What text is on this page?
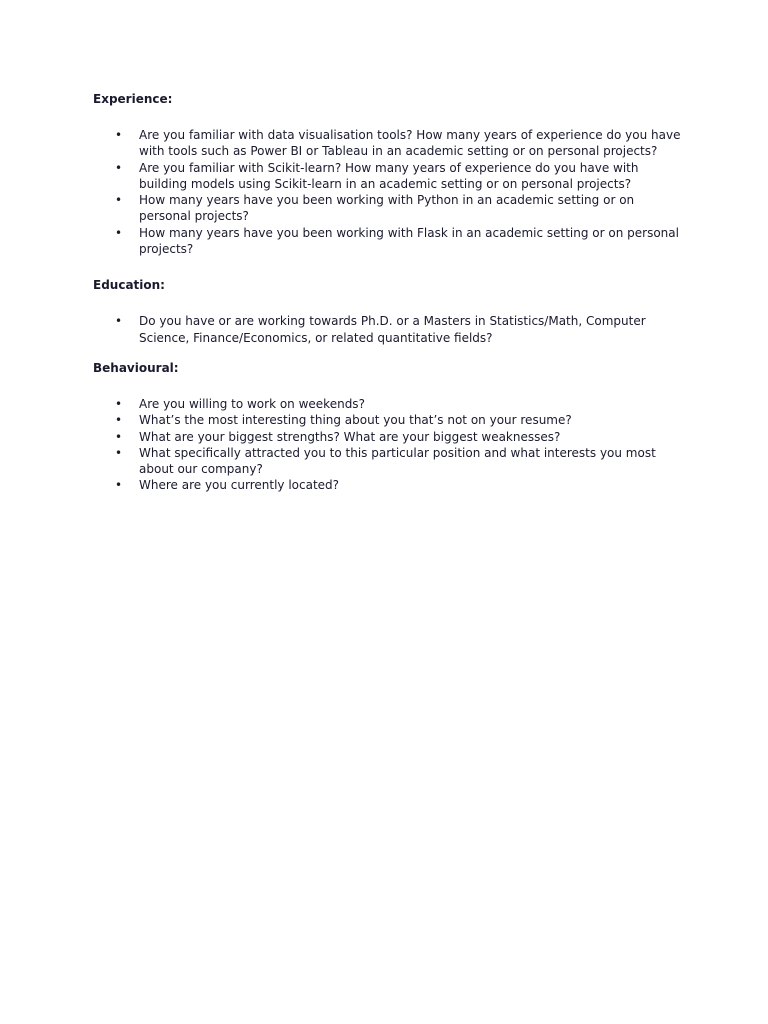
Experience:

• Are you familiar with data visualisation tools? How many years of experience do you have with tools such as Power BI or Tableau in an academic setting or on personal projects?
• Are you familiar with Scikit-learn? How many years of experience do you have with building models using Scikit-learn in an academic setting or on personal projects?
• How many years have you been working with Python in an academic setting or on personal projects?
• How many years have you been working with Flask in an academic setting or on personal projects?

Education:

• Do you have or are working towards Ph.D. or a Masters in Statistics/Math, Computer Science, Finance/Economics, or related quantitative fields?

Behavioural:

• Are you willing to work on weekends?
• What’s the most interesting thing about you that’s not on your resume?
• What are your biggest strengths? What are your biggest weaknesses?
• What specifically attracted you to this particular position and what interests you most about our company?
• Where are you currently located?
